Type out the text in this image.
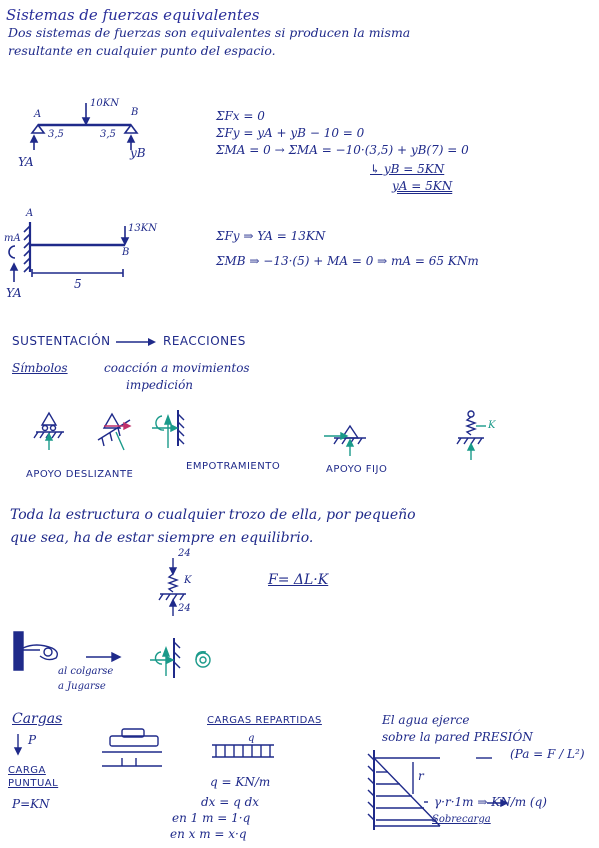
Sistemas de fuerzas equivalentes
Dos sistemas de fuerzas son equivalentes si producen la misma
resultante en cualquier punto del espacio.
A	B
10KN
3,5	3,5
YA
yB
ΣFx = 0
ΣFy = yA + yB − 10 = 0
ΣMA = 0 → ΣMA = −10·(3,5) + yB(7) = 0
↳ yB = 5KN
yA = 5KN
A
B
mA
13KN
5
YA
ΣFy ⇒ YA = 13KN
ΣMB ⇒ −13·(5) + MA = 0 ⇒ mA = 65 KNm
SUSTENTACIÓN	REACCIONES
Símbolos	coacción a movimientos
impedición
APOYO DESLIZANTE
EMPOTRAMIENTO	APOYO FIJO
K
Toda la estructura o cualquier trozo de ella, por pequeño
que sea, ha de estar siempre en equilibrio.
24
24
K	F= ΔL·K
al colgarse
a Jugarse
Cargas
P
CARGA
PUNTUAL
P=KN
CARGAS REPARTIDAS
q
q = KN/m
dx = q dx
en 1 m = 1·q
en x m = x·q
El agua ejerce
sobre la pared PRESIÓN
(Pa = F / L²)
r
γ·r·1m ⇒ KN/m (q)
Sobrecarga
